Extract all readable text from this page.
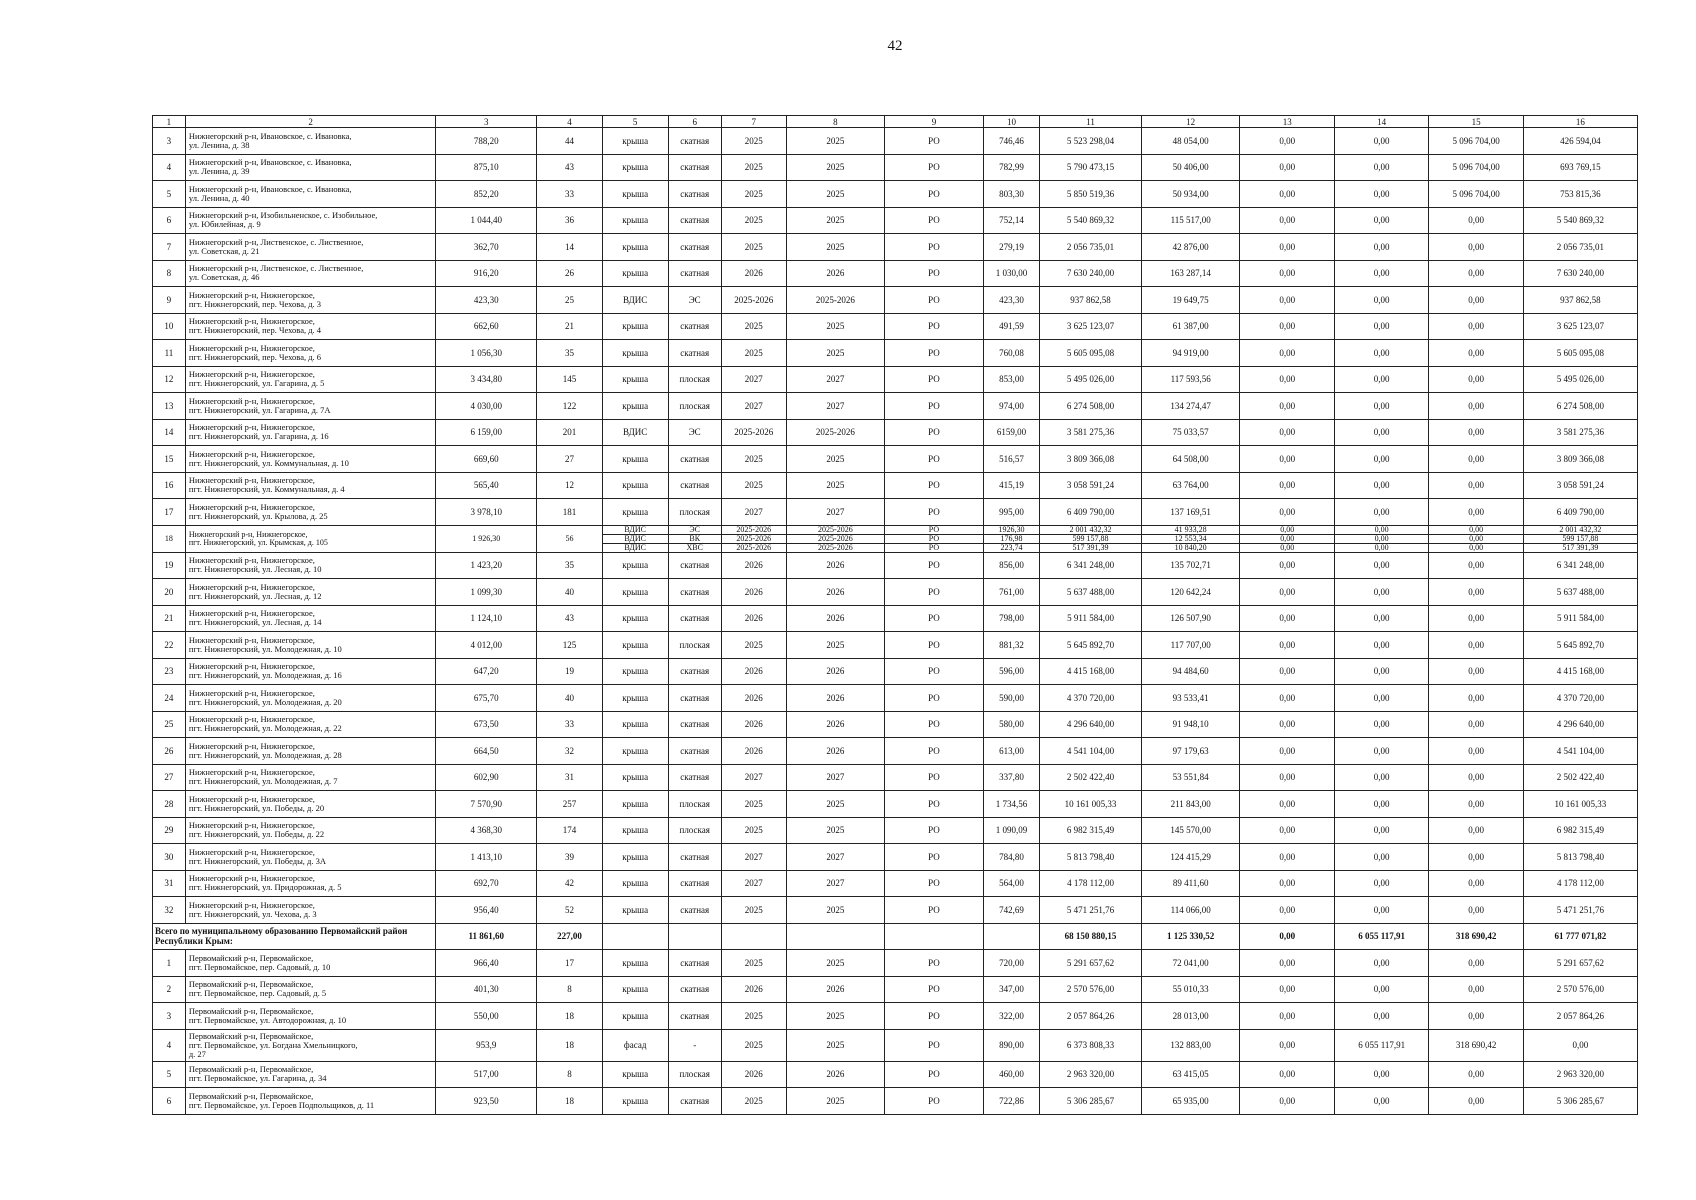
42
1	2	3	4	5	6	7	8	9	10	11	12	13	14	15	16
3	Нижнегорский р-н, Ивановское, с. Ивановка,
ул. Ленина, д. 38	788,20	44	крыша	скатная	2025	2025	РО	746,46	5 523 298,04	48 054,00	0,00	0,00	5 096 704,00	426 594,04
4	Нижнегорский р-н, Ивановское, с. Ивановка,
ул. Ленина, д. 39	875,10	43	крыша	скатная	2025	2025	РО	782,99	5 790 473,15	50 406,00	0,00	0,00	5 096 704,00	693 769,15
5	Нижнегорский р-н, Ивановское, с. Ивановка,
ул. Ленина, д. 40	852,20	33	крыша	скатная	2025	2025	РО	803,30	5 850 519,36	50 934,00	0,00	0,00	5 096 704,00	753 815,36
6	Нижнегорский р-н, Изобильненское, с. Изобильное,
ул. Юбилейная, д. 9	1 044,40	36	крыша	скатная	2025	2025	РО	752,14	5 540 869,32	115 517,00	0,00	0,00	0,00	5 540 869,32
7	Нижнегорский р-н, Лиственское, с. Лиственное,
ул. Советская, д. 21	362,70	14	крыша	скатная	2025	2025	РО	279,19	2 056 735,01	42 876,00	0,00	0,00	0,00	2 056 735,01
8	Нижнегорский р-н, Лиственское, с. Лиственное,
ул. Советская, д. 46	916,20	26	крыша	скатная	2026	2026	РО	1 030,00	7 630 240,00	163 287,14	0,00	0,00	0,00	7 630 240,00
9	Нижнегорский р-н, Нижнегорское,
пгт. Нижнегорский, пер. Чехова, д. 3	423,30	25	ВДИС	ЭС	2025-2026	2025-2026	РО	423,30	937 862,58	19 649,75	0,00	0,00	0,00	937 862,58
10	Нижнегорский р-н, Нижнегорское,
пгт. Нижнегорский, пер. Чехова, д. 4	662,60	21	крыша	скатная	2025	2025	РО	491,59	3 625 123,07	61 387,00	0,00	0,00	0,00	3 625 123,07
11	Нижнегорский р-н, Нижнегорское,
пгт. Нижнегорский, пер. Чехова, д. 6	1 056,30	35	крыша	скатная	2025	2025	РО	760,08	5 605 095,08	94 919,00	0,00	0,00	0,00	5 605 095,08
12	Нижнегорский р-н, Нижнегорское,
пгт. Нижнегорский, ул. Гагарина, д. 5	3 434,80	145	крыша	плоская	2027	2027	РО	853,00	5 495 026,00	117 593,56	0,00	0,00	0,00	5 495 026,00
13	Нижнегорский р-н, Нижнегорское,
пгт. Нижнегорский, ул. Гагарина, д. 7А	4 030,00	122	крыша	плоская	2027	2027	РО	974,00	6 274 508,00	134 274,47	0,00	0,00	0,00	6 274 508,00
14	Нижнегорский р-н, Нижнегорское,
пгт. Нижнегорский, ул. Гагарина, д. 16	6 159,00	201	ВДИС	ЭС	2025-2026	2025-2026	РО	6159,00	3 581 275,36	75 033,57	0,00	0,00	0,00	3 581 275,36
15	Нижнегорский р-н, Нижнегорское,
пгт. Нижнегорский, ул. Коммунальная, д. 10	669,60	27	крыша	скатная	2025	2025	РО	516,57	3 809 366,08	64 508,00	0,00	0,00	0,00	3 809 366,08
16	Нижнегорский р-н, Нижнегорское,
пгт. Нижнегорский, ул. Коммунальная, д. 4	565,40	12	крыша	скатная	2025	2025	РО	415,19	3 058 591,24	63 764,00	0,00	0,00	0,00	3 058 591,24
17	Нижнегорский р-н, Нижнегорское,
пгт. Нижнегорский, ул. Крылова, д. 25	3 978,10	181	крыша	плоская	2027	2027	РО	995,00	6 409 790,00	137 169,51	0,00	0,00	0,00	6 409 790,00
18	Нижнегорский р-н, Нижнегорское,
пгт. Нижнегорский, ул. Крымская, д. 105	1 926,30	56	ВДИС	ЭС	2025-2026	2025-2026	РО	1926,30	2 001 432,32	41 933,28	0,00	0,00	0,00	2 001 432,32
				ВДИС	ВК	2025-2026	2025-2026	РО	176,98	599 157,88	12 553,34	0,00	0,00	0,00	599 157,88
				ВДИС	ХВС	2025-2026	2025-2026	РО	223,74	517 391,39	10 840,20	0,00	0,00	0,00	517 391,39
19	Нижнегорский р-н, Нижнегорское,
пгт. Нижнегорский, ул. Лесная, д. 10	1 423,20	35	крыша	скатная	2026	2026	РО	856,00	6 341 248,00	135 702,71	0,00	0,00	0,00	6 341 248,00
20	Нижнегорский р-н, Нижнегорское,
пгт. Нижнегорский, ул. Лесная, д. 12	1 099,30	40	крыша	скатная	2026	2026	РО	761,00	5 637 488,00	120 642,24	0,00	0,00	0,00	5 637 488,00
21	Нижнегорский р-н, Нижнегорское,
пгт. Нижнегорский, ул. Лесная, д. 14	1 124,10	43	крыша	скатная	2026	2026	РО	798,00	5 911 584,00	126 507,90	0,00	0,00	0,00	5 911 584,00
22	Нижнегорский р-н, Нижнегорское,
пгт. Нижнегорский, ул. Молодежная, д. 10	4 012,00	125	крыша	плоская	2025	2025	РО	881,32	5 645 892,70	117 707,00	0,00	0,00	0,00	5 645 892,70
23	Нижнегорский р-н, Нижнегорское,
пгт. Нижнегорский, ул. Молодежная, д. 16	647,20	19	крыша	скатная	2026	2026	РО	596,00	4 415 168,00	94 484,60	0,00	0,00	0,00	4 415 168,00
24	Нижнегорский р-н, Нижнегорское,
пгт. Нижнегорский, ул. Молодежная, д. 20	675,70	40	крыша	скатная	2026	2026	РО	590,00	4 370 720,00	93 533,41	0,00	0,00	0,00	4 370 720,00
25	Нижнегорский р-н, Нижнегорское,
пгт. Нижнегорский, ул. Молодежная, д. 22	673,50	33	крыша	скатная	2026	2026	РО	580,00	4 296 640,00	91 948,10	0,00	0,00	0,00	4 296 640,00
26	Нижнегорский р-н, Нижнегорское,
пгт. Нижнегорский, ул. Молодежная, д. 28	664,50	32	крыша	скатная	2026	2026	РО	613,00	4 541 104,00	97 179,63	0,00	0,00	0,00	4 541 104,00
27	Нижнегорский р-н, Нижнегорское,
пгт. Нижнегорский, ул. Молодежная, д. 7	602,90	31	крыша	скатная	2027	2027	РО	337,80	2 502 422,40	53 551,84	0,00	0,00	0,00	2 502 422,40
28	Нижнегорский р-н, Нижнегорское,
пгт. Нижнегорский, ул. Победы, д. 20	7 570,90	257	крыша	плоская	2025	2025	РО	1 734,56	10 161 005,33	211 843,00	0,00	0,00	0,00	10 161 005,33
29	Нижнегорский р-н, Нижнегорское,
пгт. Нижнегорский, ул. Победы, д. 22	4 368,30	174	крыша	плоская	2025	2025	РО	1 090,09	6 982 315,49	145 570,00	0,00	0,00	0,00	6 982 315,49
30	Нижнегорский р-н, Нижнегорское,
пгт. Нижнегорский, ул. Победы, д. 3А	1 413,10	39	крыша	скатная	2027	2027	РО	784,80	5 813 798,40	124 415,29	0,00	0,00	0,00	5 813 798,40
31	Нижнегорский р-н, Нижнегорское,
пгт. Нижнегорский, ул. Придорожная, д. 5	692,70	42	крыша	скатная	2027	2027	РО	564,00	4 178 112,00	89 411,60	0,00	0,00	0,00	4 178 112,00
32	Нижнегорский р-н, Нижнегорское,
пгт. Нижнегорский, ул. Чехова, д. 3	956,40	52	крыша	скатная	2025	2025	РО	742,69	5 471 251,76	114 066,00	0,00	0,00	0,00	5 471 251,76
Всего по муниципальному образованию Первомайский район Республики Крым:		11 861,60	227,00							68 150 880,15	1 125 330,52	0,00	6 055 117,91	318 690,42	61 777 071,82
1	Первомайский р-н, Первомайское,
пгт. Первомайское, пер. Садовый, д. 10	966,40	17	крыша	скатная	2025	2025	РО	720,00	5 291 657,62	72 041,00	0,00	0,00	0,00	5 291 657,62
2	Первомайский р-н, Первомайское,
пгт. Первомайское, пер. Садовый, д. 5	401,30	8	крыша	скатная	2026	2026	РО	347,00	2 570 576,00	55 010,33	0,00	0,00	0,00	2 570 576,00
3	Первомайский р-н, Первомайское,
пгт. Первомайское, ул. Автодорожная, д. 10	550,00	18	крыша	скатная	2025	2025	РО	322,00	2 057 864,26	28 013,00	0,00	0,00	0,00	2 057 864,26
4	Первомайский р-н, Первомайское,
пгт. Первомайское, ул. Богдана Хмельницкого,
д. 27	953,9	18	фасад	-	2025	2025	РО	890,00	6 373 808,33	132 883,00	0,00	6 055 117,91	318 690,42	0,00
5	Первомайский р-н, Первомайское,
пгт. Первомайское, ул. Гагарина, д. 34	517,00	8	крыша	плоская	2026	2026	РО	460,00	2 963 320,00	63 415,05	0,00	0,00	0,00	2 963 320,00
6	Первомайский р-н, Первомайское,
пгт. Первомайское, ул. Героев Подпольщиков, д. 11	923,50	18	крыша	скатная	2025	2025	РО	722,86	5 306 285,67	65 935,00	0,00	0,00	0,00	5 306 285,67
